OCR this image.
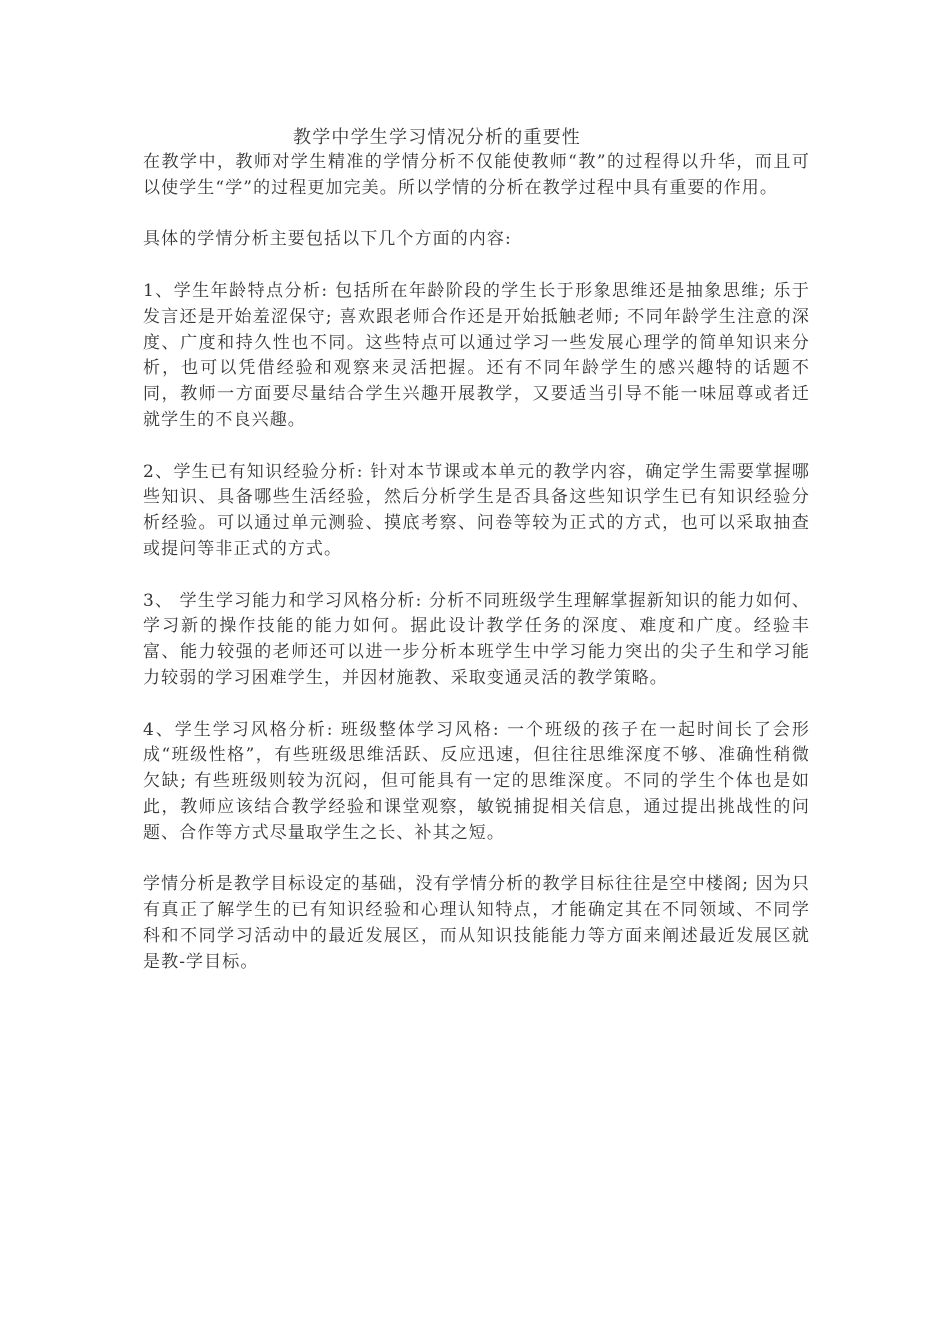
教学中学生学习情况分析的重要性

在教学中，教师对学生精准的学情分析不仅能使教师“教”的过程得以升华，而且可以使学生“学”的过程更加完美。所以学情的分析在教学过程中具有重要的作用。

具体的学情分析主要包括以下几个方面的内容:

1、学生年龄特点分析: 包括所在年龄阶段的学生长于形象思维还是抽象思维; 乐于发言还是开始羞涩保守; 喜欢跟老师合作还是开始抵触老师; 不同年龄学生注意的深度、广度和持久性也不同。这些特点可以通过学习一些发展心理学的简单知识来分析，也可以凭借经验和观察来灵活把握。还有不同年龄学生的感兴趣特的话题不同，教师一方面要尽量结合学生兴趣开展教学，又要适当引导不能一味屈尊或者迁就学生的不良兴趣。

2、学生已有知识经验分析: 针对本节课或本单元的教学内容，确定学生需要掌握哪些知识、具备哪些生活经验，然后分析学生是否具备这些知识学生已有知识经验分析经验。可以通过单元测验、摸底考察、问卷等较为正式的方式，也可以采取抽查或提问等非正式的方式。

3、 学生学习能力和学习风格分析: 分析不同班级学生理解掌握新知识的能力如何、学习新的操作技能的能力如何。据此设计教学任务的深度、难度和广度。经验丰富、能力较强的老师还可以进一步分析本班学生中学习能力突出的尖子生和学习能力较弱的学习困难学生，并因材施教、采取变通灵活的教学策略。

4、学生学习风格分析: 班级整体学习风格: 一个班级的孩子在一起时间长了会形成“班级性格”，有些班级思维活跃、反应迅速，但往往思维深度不够、准确性稍微欠缺; 有些班级则较为沉闷，但可能具有一定的思维深度。不同的学生个体也是如此，教师应该结合教学经验和课堂观察，敏锐捕捉相关信息，通过提出挑战性的问题、合作等方式尽量取学生之长、补其之短。

学情分析是教学目标设定的基础，没有学情分析的教学目标往往是空中楼阁; 因为只有真正了解学生的已有知识经验和心理认知特点，才能确定其在不同领域、不同学科和不同学习活动中的最近发展区，而从知识技能能力等方面来阐述最近发展区就是教-学目标。
